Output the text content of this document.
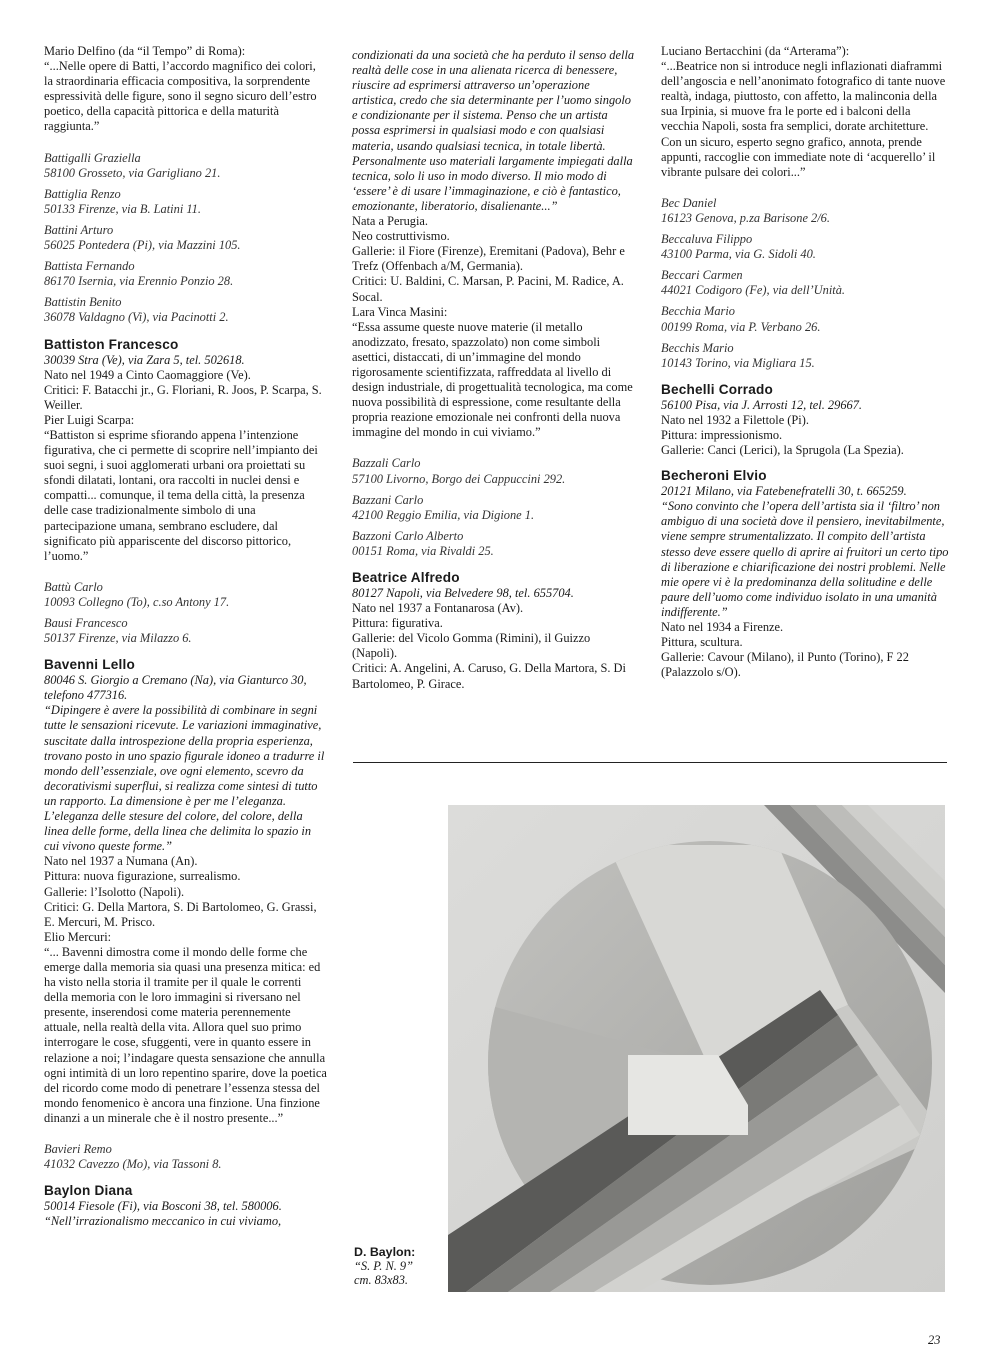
Mario Delfino (da “il Tempo” di Roma):

“...Nelle opere di Batti, l’accordo magnifico dei colori, la straordinaria efficacia compositiva, la sorprendente espressività delle figure, sono il segno sicuro dell’estro poetico, della capacità pittorica e della maturità raggiunta.”

Battigalli Graziella
58100 Grosseto, via Garigliano 21.
Battiglia Renzo
50133 Firenze, via B. Latini 11.
Battini Arturo
56025 Pontedera (Pi), via Mazzini 105.
Battista Fernando
86170 Isernia, via Erennio Ponzio 28.
Battistin Benito
36078 Valdagno (Vi), via Pacinotti 2.
Battiston Francesco

30039 Stra (Ve), via Zara 5, tel. 502618.

Nato nel 1949 a Cinto Caomaggiore (Ve).

Critici: F. Batacchi jr., G. Floriani, R. Joos, P. Scarpa, S. Weiller.

Pier Luigi Scarpa:

“Battiston si esprime sfiorando appena l’intenzione figurativa, che ci permette di scoprire nell’impianto dei suoi segni, i suoi agglomerati urbani ora proiettati su sfondi dilatati, lontani, ora raccolti in nuclei densi e compatti... comunque, il tema della città, la presenza delle case tradizionalmente simbolo di una partecipazione umana, sembrano escludere, dal significato più appariscente del discorso pittorico, l’uomo.”

Battù Carlo
10093 Collegno (To), c.so Antony 17.
Bausi Francesco
50137 Firenze, via Milazzo 6.
Bavenni Lello

80046 S. Giorgio a Cremano (Na), via Gianturco 30, telefono 477316.

“Dipingere è avere la possibilità di combinare in segni tutte le sensazioni ricevute. Le variazioni immaginative, suscitate dalla introspezione della propria esperienza, trovano posto in uno spazio figurale idoneo a tradurre il mondo dell’essenziale, ove ogni elemento, scevro da decorativismi superflui, si realizza come sintesi di tutto un rapporto. La dimensione è per me l’eleganza. L’eleganza delle stesure del colore, del colore, della linea delle forme, della linea che delimita lo spazio in cui vivono queste forme.”

Nato nel 1937 a Numana (An).

Pittura: nuova figurazione, surrealismo.

Gallerie: l’Isolotto (Napoli).

Critici: G. Della Martora, S. Di Bartolomeo, G. Grassi, E. Mercuri, M. Prisco.

Elio Mercuri:

“... Bavenni dimostra come il mondo delle forme che emerge dalla memoria sia quasi una presenza mitica: ed ha visto nella storia il tramite per il quale le correnti della memoria con le loro immagini si riversano nel presente, inserendosi come materia perennemente attuale, nella realtà della vita. Allora quel suo primo interrogare le cose, sfuggenti, vere in quanto essere in relazione a noi; l’indagare questa sensazione che annulla ogni intimità di un loro repentino sparire, dove la poetica del ricordo come modo di penetrare l’essenza stessa del mondo fenomenico è ancora una finzione. Una finzione dinanzi a un minerale che è il nostro presente...”

Bavieri Remo
41032 Cavezzo (Mo), via Tassoni 8.
Baylon Diana

50014 Fiesole (Fi), via Bosconi 38, tel. 580006.

“Nell’irrazionalismo meccanico in cui viviamo,

condizionati da una società che ha perduto il senso della realtà delle cose in una alienata ricerca di benessere, riuscire ad esprimersi attraverso un’operazione artistica, credo che sia determinante per l’uomo singolo e condizionante per il sistema. Penso che un artista possa esprimersi in qualsiasi modo e con qualsiasi materia, usando qualsiasi tecnica, in totale libertà. Personalmente uso materiali largamente impiegati dalla tecnica, solo li uso in modo diverso. Il mio modo di ‘essere’ è di usare l’immaginazione, e ciò è fantastico, emozionante, liberatorio, disalienante...”

Nata a Perugia.

Neo costruttivismo.

Gallerie: il Fiore (Firenze), Eremitani (Padova), Behr e Trefz (Offenbach a/M, Germania).

Critici: U. Baldini, C. Marsan, P. Pacini, M. Radice, A. Socal.

Lara Vinca Masini:

“Essa assume queste nuove materie (il metallo anodizzato, fresato, spazzolato) non come simboli asettici, distaccati, di un’immagine del mondo rigorosamente scientifizzata, raffreddata al livello di design industriale, di progettualità tecnologica, ma come nuova possibilità di espressione, come resultante della propria reazione emozionale nei confronti della nuova immagine del mondo in cui viviamo.”

Bazzali Carlo
57100 Livorno, Borgo dei Cappuccini 292.
Bazzani Carlo
42100 Reggio Emilia, via Digione 1.
Bazzoni Carlo Alberto
00151 Roma, via Rivaldi 25.
Beatrice Alfredo

80127 Napoli, via Belvedere 98, tel. 655704.

Nato nel 1937 a Fontanarosa (Av).

Pittura: figurativa.

Gallerie: del Vicolo Gomma (Rimini), il Guizzo (Napoli).

Critici: A. Angelini, A. Caruso, G. Della Martora, S. Di Bartolomeo, P. Girace.

Luciano Bertacchini (da “Arterama”):

“...Beatrice non si introduce negli inflazionati diaframmi dell’angoscia e nell’anonimato fotografico di tante nuove realtà, indaga, piuttosto, con affetto, la malinconia della sua Irpinia, si muove fra le porte ed i balconi della vecchia Napoli, sosta fra semplici, dorate architetture. Con un sicuro, esperto segno grafico, annota, prende appunti, raccoglie con immediate note di ‘acquerello’ il vibrante pulsare dei colori...”

Bec Daniel
16123 Genova, p.za Barisone 2/6.
Beccaluva Filippo
43100 Parma, via G. Sidoli 40.
Beccari Carmen
44021 Codigoro (Fe), via dell’Unità.
Becchia Mario
00199 Roma, via P. Verbano 26.
Becchis Mario
10143 Torino, via Migliara 15.
Bechelli Corrado

56100 Pisa, via J. Arrosti 12, tel. 29667.

Nato nel 1932 a Filettole (Pi).

Pittura: impressionismo.

Gallerie: Canci (Lerici), la Sprugola (La Spezia).

Becheroni Elvio

20121 Milano, via Fatebenefratelli 30, t. 665259.

“Sono convinto che l’opera dell’artista sia il ‘filtro’ non ambiguo di una società dove il pensiero, inevitabilmente, viene sempre strumentalizzato. Il compito dell’artista stesso deve essere quello di aprire ai fruitori un certo tipo di liberazione e chiarificazione dei nostri problemi. Nelle mie opere vi è la predominanza della solitudine e delle paure dell’uomo come individuo isolato in una umanità indifferente.”

Nato nel 1934 a Firenze.

Pittura, scultura.

Gallerie: Cavour (Milano), il Punto (Torino), F 22 (Palazzolo s/O).

D. Baylon:
“S. P. N. 9”
cm. 83x83.
23
